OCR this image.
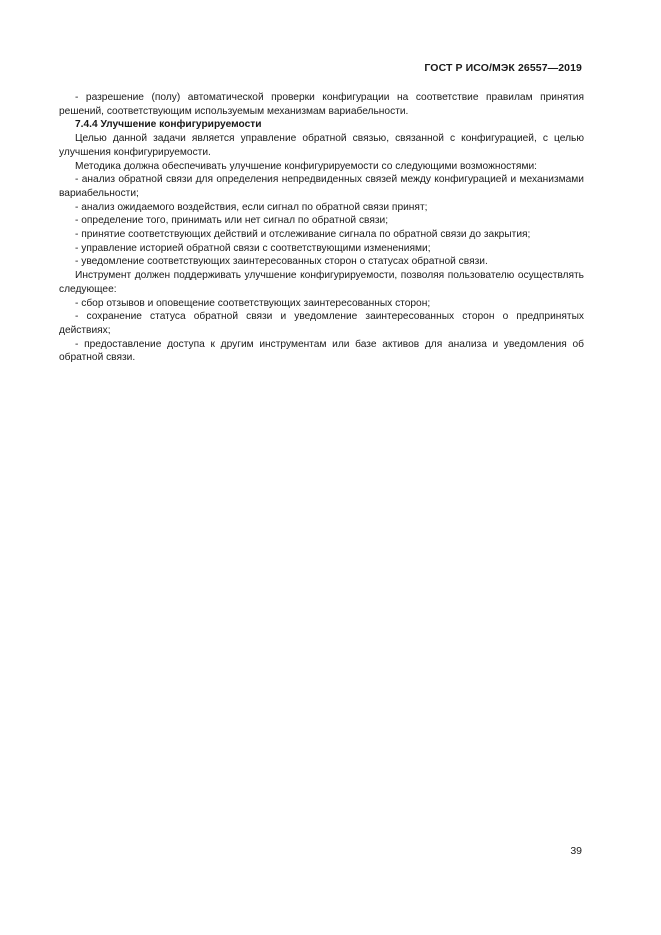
ГОСТ Р ИСО/МЭК 26557—2019

- разрешение (полу) автоматической проверки конфигурации на соответствие правилам принятия решений, соответствующим используемым механизмам вариабельности.

7.4.4 Улучшение конфигурируемости

Целью данной задачи является управление обратной связью, связанной с конфигурацией, с целью улучшения конфигурируемости.

Методика должна обеспечивать улучшение конфигурируемости со следующими возможностями:

- анализ обратной связи для определения непредвиденных связей между конфигурацией и механизмами вариабельности;

- анализ ожидаемого воздействия, если сигнал по обратной связи принят;

- определение того, принимать или нет сигнал по обратной связи;

- принятие соответствующих действий и отслеживание сигнала по обратной связи до закрытия;

- управление историей обратной связи с соответствующими изменениями;

- уведомление соответствующих заинтересованных сторон о статусах обратной связи.

Инструмент должен поддерживать улучшение конфигурируемости, позволяя пользователю осуществлять следующее:

- сбор отзывов и оповещение соответствующих заинтересованных сторон;

- сохранение статуса обратной связи и уведомление заинтересованных сторон о предпринятых действиях;

- предоставление доступа к другим инструментам или базе активов для анализа и уведомления об обратной связи.

39
